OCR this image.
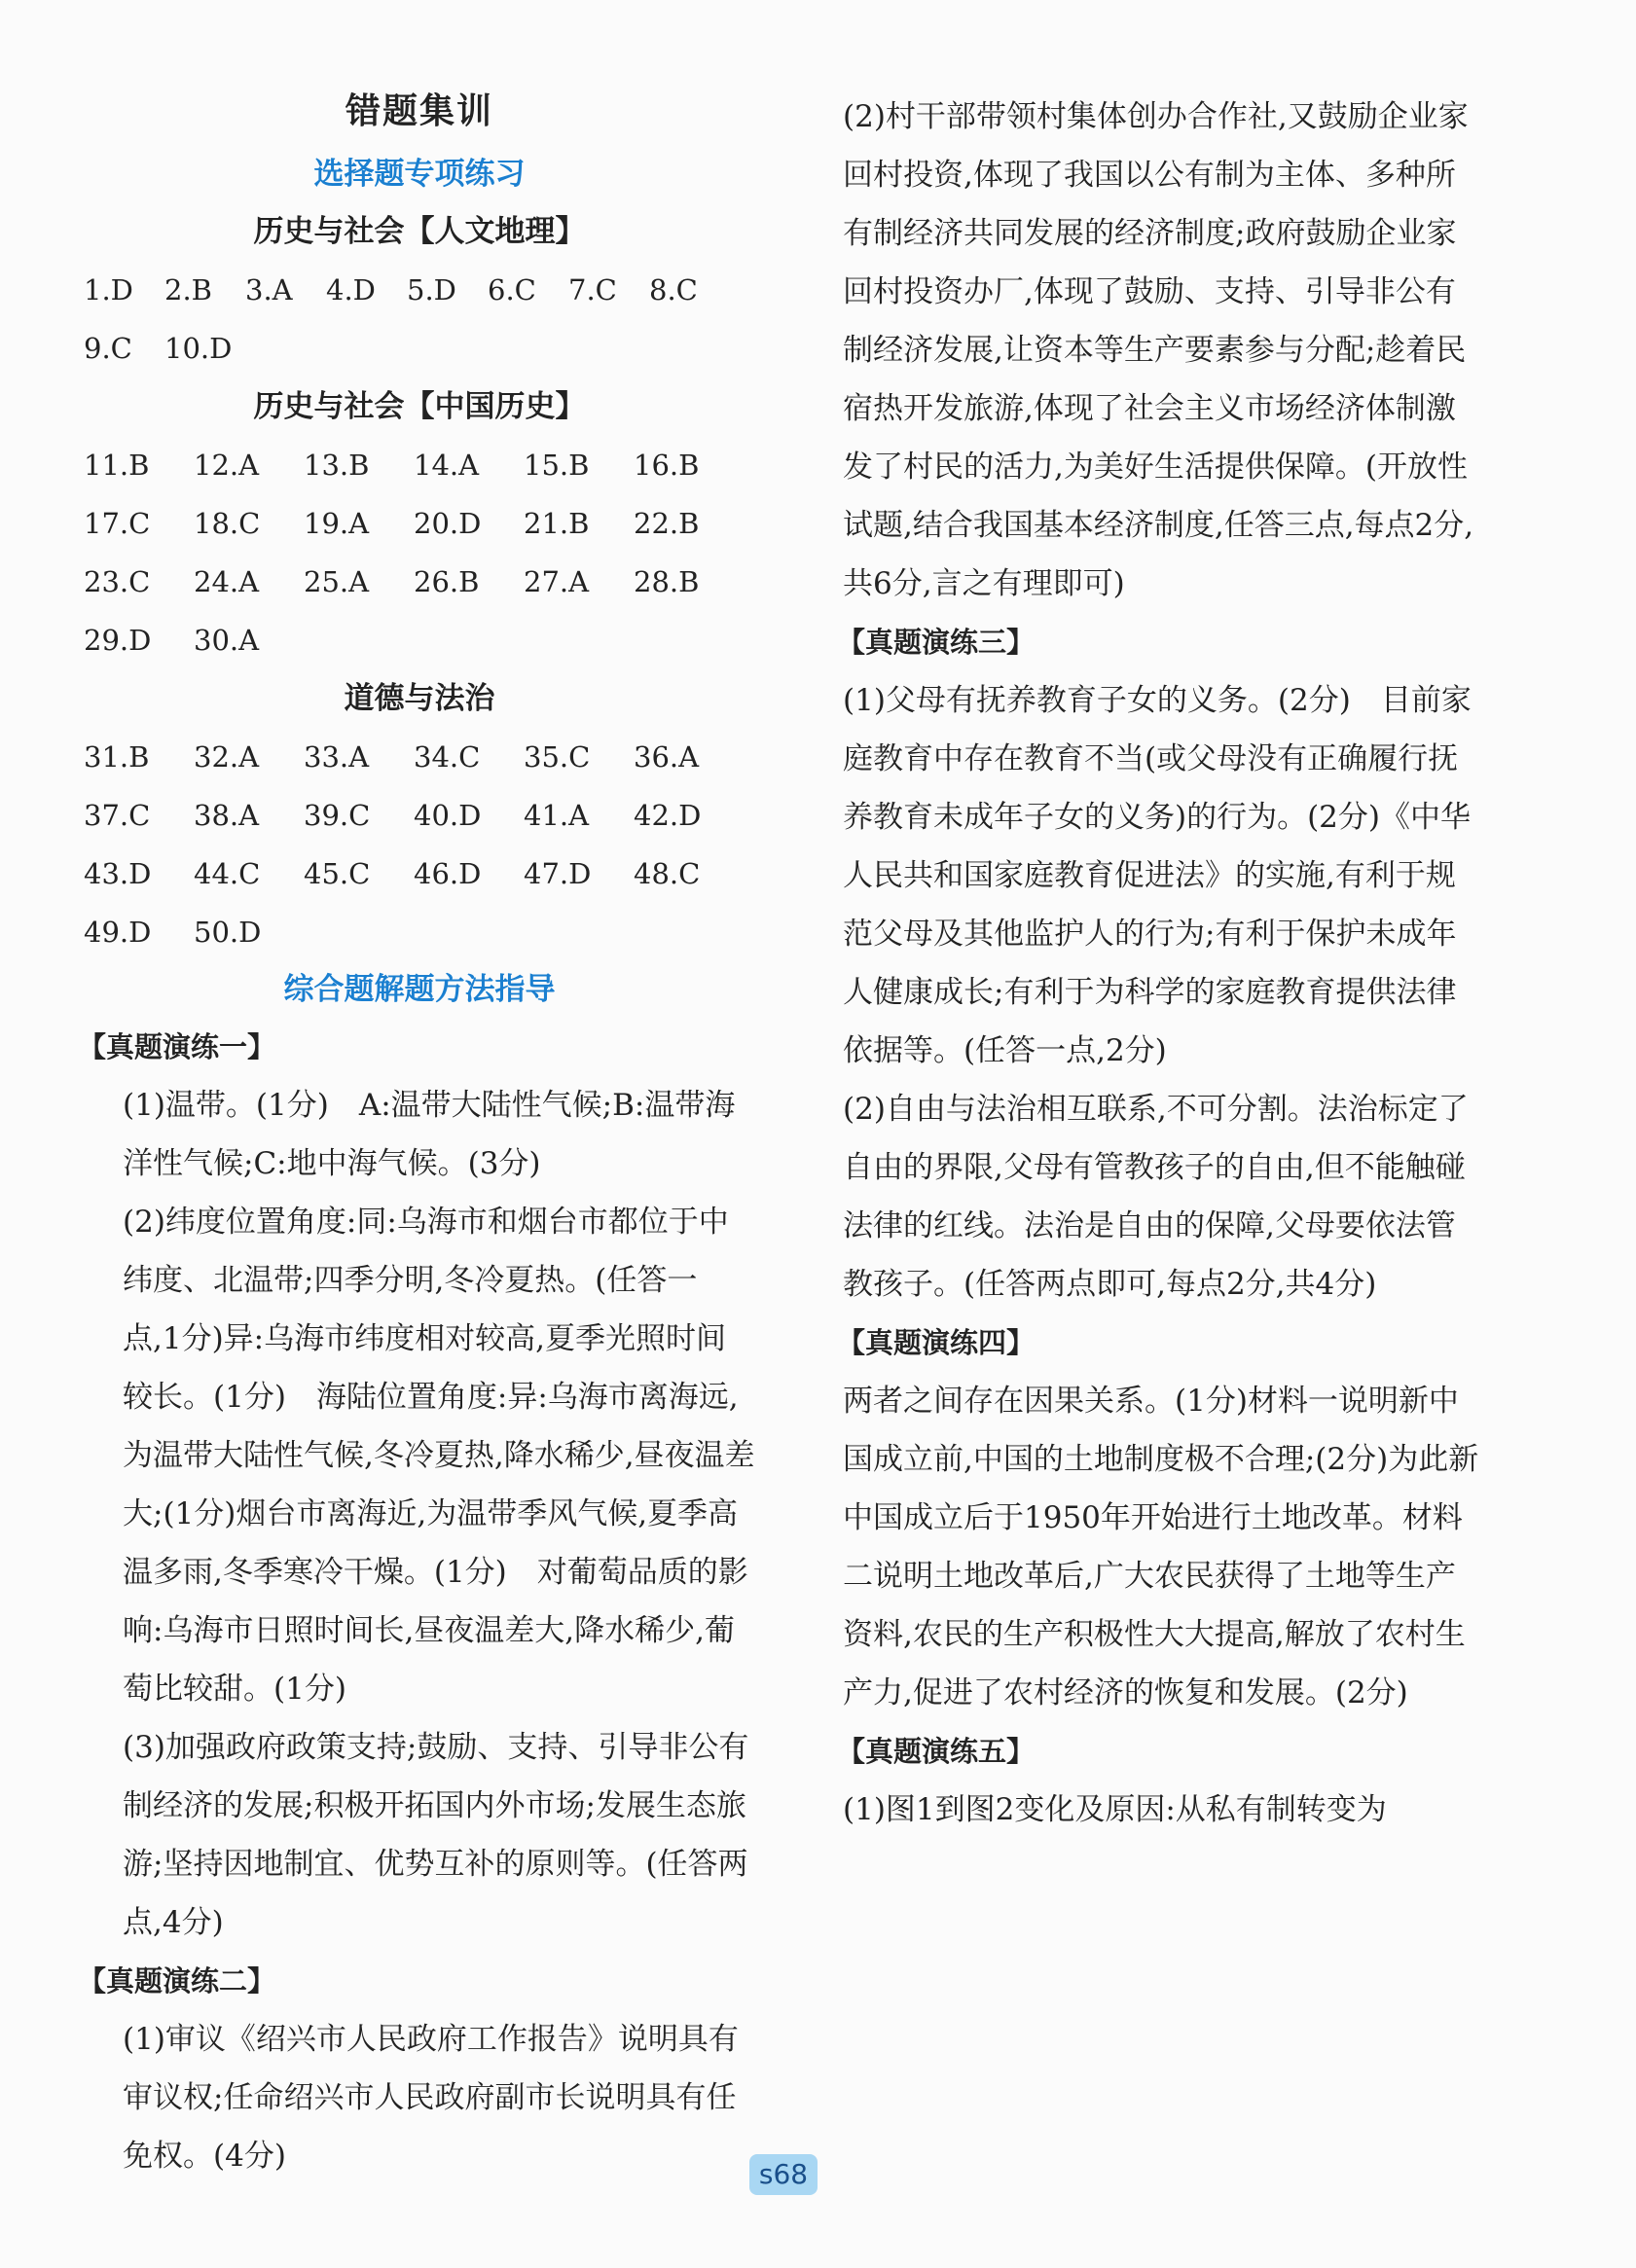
错题集训
选择题专项练习
历史与社会【人文地理】
1.D	2.B	3.A	4.D	5.D	6.C	7.C	8.C
9.C	10.D
历史与社会【中国历史】
11.B	12.A	13.B	14.A	15.B	16.B
17.C	18.C	19.A	20.D	21.B	22.B
23.C	24.A	25.A	26.B	27.A	28.B
29.D	30.A
道德与法治
31.B	32.A	33.A	34.C	35.C	36.A
37.C	38.A	39.C	40.D	41.A	42.D
43.D	44.C	45.C	46.D	47.D	48.C
49.D	50.D
综合题解题方法指导
【真题演练一】

(1)温带。(1分)　A:温带大陆性气候;B:温带海洋性气候;C:地中海气候。(3分)

(2)纬度位置角度:同:乌海市和烟台市都位于中纬度、北温带;四季分明,冬冷夏热。(任答一点,1分)异:乌海市纬度相对较高,夏季光照时间较长。(1分)　海陆位置角度:异:乌海市离海远,为温带大陆性气候,冬冷夏热,降水稀少,昼夜温差大;(1分)烟台市离海近,为温带季风气候,夏季高温多雨,冬季寒冷干燥。(1分)　对葡萄品质的影响:乌海市日照时间长,昼夜温差大,降水稀少,葡萄比较甜。(1分)

(3)加强政府政策支持;鼓励、支持、引导非公有制经济的发展;积极开拓国内外市场;发展生态旅游;坚持因地制宜、优势互补的原则等。(任答两点,4分)

【真题演练二】

(1)审议《绍兴市人民政府工作报告》说明具有审议权;任命绍兴市人民政府副市长说明具有任免权。(4分)

(2)村干部带领村集体创办合作社,又鼓励企业家回村投资,体现了我国以公有制为主体、多种所有制经济共同发展的经济制度;政府鼓励企业家回村投资办厂,体现了鼓励、支持、引导非公有制经济发展,让资本等生产要素参与分配;趁着民宿热开发旅游,体现了社会主义市场经济体制激发了村民的活力,为美好生活提供保障。(开放性试题,结合我国基本经济制度,任答三点,每点2分,共6分,言之有理即可)

【真题演练三】

(1)父母有抚养教育子女的义务。(2分)　目前家庭教育中存在教育不当(或父母没有正确履行抚养教育未成年子女的义务)的行为。(2分)《中华人民共和国家庭教育促进法》的实施,有利于规范父母及其他监护人的行为;有利于保护未成年人健康成长;有利于为科学的家庭教育提供法律依据等。(任答一点,2分)

(2)自由与法治相互联系,不可分割。法治标定了自由的界限,父母有管教孩子的自由,但不能触碰法律的红线。法治是自由的保障,父母要依法管教孩子。(任答两点即可,每点2分,共4分)

【真题演练四】

两者之间存在因果关系。(1分)材料一说明新中国成立前,中国的土地制度极不合理;(2分)为此新中国成立后于1950年开始进行土地改革。材料二说明土地改革后,广大农民获得了土地等生产资料,农民的生产积极性大大提高,解放了农村生产力,促进了农村经济的恢复和发展。(2分)

【真题演练五】

(1)图1到图2变化及原因:从私有制转变为

s68
